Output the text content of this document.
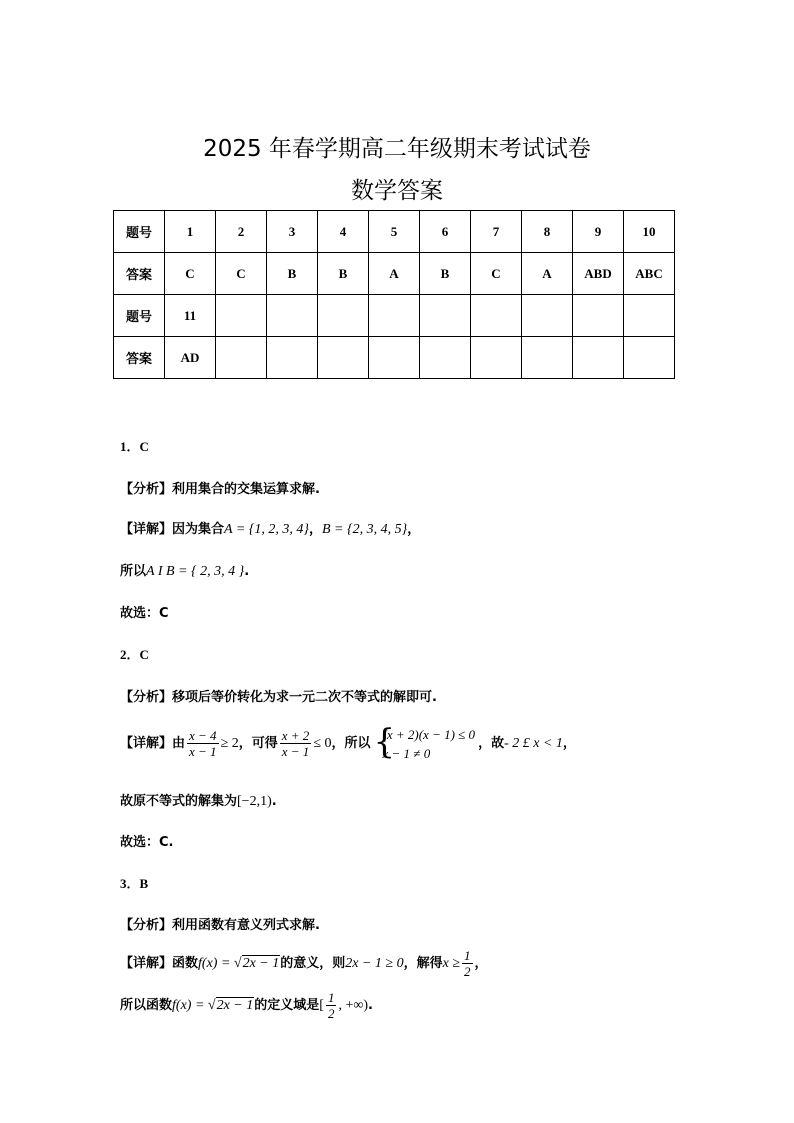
2025 年春学期高二年级期末考试试卷
数学答案
题号	1	2	3	4	5	6	7	8	9	10
答案	C	C	B	B	A	B	C	A	ABD	ABC
题号	11									
答案	AD									
1．C
【分析】利用集合的交集运算求解.
【详解】因为集合A = {1, 2, 3, 4}，B = {2, 3, 4, 5}，
所以A I B = { 2, 3, 4 }.
故选：C
2．C
【分析】移项后等价转化为求一元二次不等式的解即可.
【详解】由 $\frac{x - 4}{x - 1} \ge 2$，可得 $\frac{x + 2}{x - 1} \le 0$，所以 {
(x + 2)(x − 1) ≤ 0
x − 1 ≠ 0
，故- 2 £ x < 1，
故原不等式的解集为[−2,1).
故选：C.
3．B
【分析】利用函数有意义列式求解.
【详解】函数f(x) = √2x − 1的意义，则2x − 1 ≥ 0，解得$x \ge \frac{1}{2}$ ，
所以函数f(x) = √2x − 1的定义域是[ $\frac{1}{2}$ , +∞).
